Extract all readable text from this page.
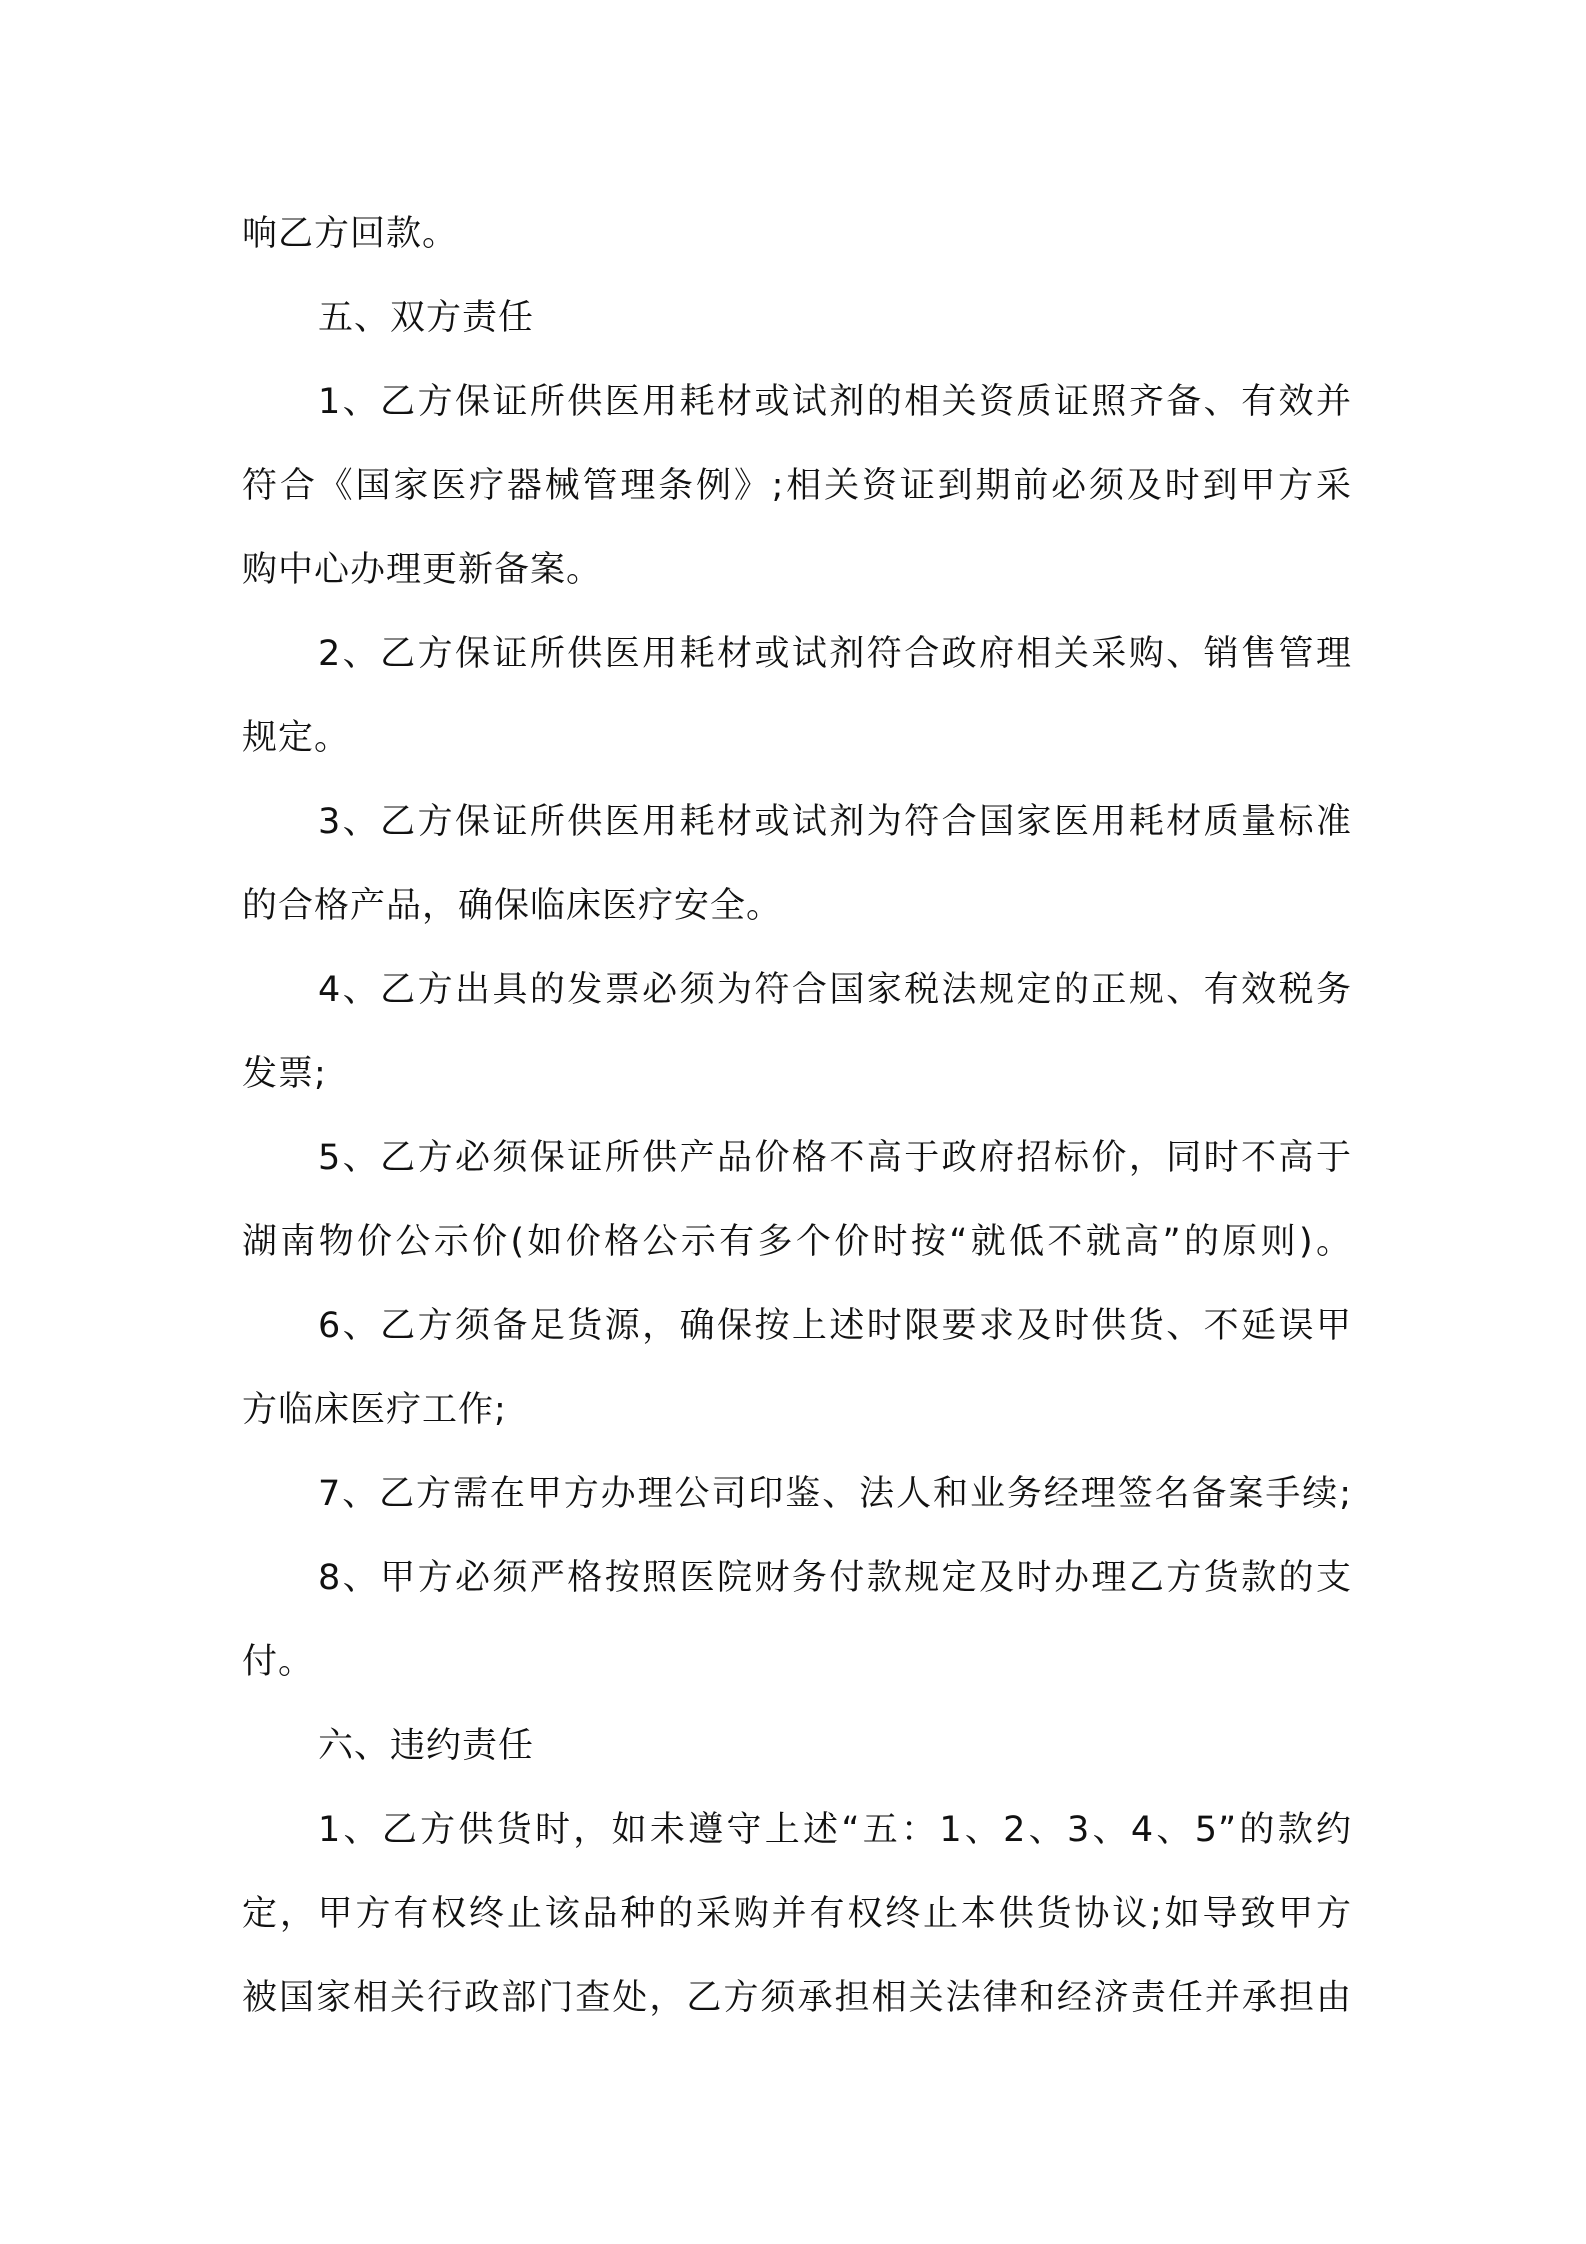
响乙方回款。
五、双方责任
1、乙方保证所供医用耗材或试剂的相关资质证照齐备、有效并
符合《国家医疗器械管理条例》;相关资证到期前必须及时到甲方采
购中心办理更新备案。
2、乙方保证所供医用耗材或试剂符合政府相关采购、销售管理
规定。
3、乙方保证所供医用耗材或试剂为符合国家医用耗材质量标准
的合格产品，确保临床医疗安全。
4、乙方出具的发票必须为符合国家税法规定的正规、有效税务
发票;
5、乙方必须保证所供产品价格不高于政府招标价，同时不高于
湖南物价公示价(如价格公示有多个价时按“就低不就高”的原则)。
6、乙方须备足货源，确保按上述时限要求及时供货、不延误甲
方临床医疗工作;
7、乙方需在甲方办理公司印鉴、法人和业务经理签名备案手续;
8、甲方必须严格按照医院财务付款规定及时办理乙方货款的支
付。
六、违约责任
1、乙方供货时，如未遵守上述“五：1、2、3、4、5”的款约
定，甲方有权终止该品种的采购并有权终止本供货协议;如导致甲方
被国家相关行政部门查处，乙方须承担相关法律和经济责任并承担由
